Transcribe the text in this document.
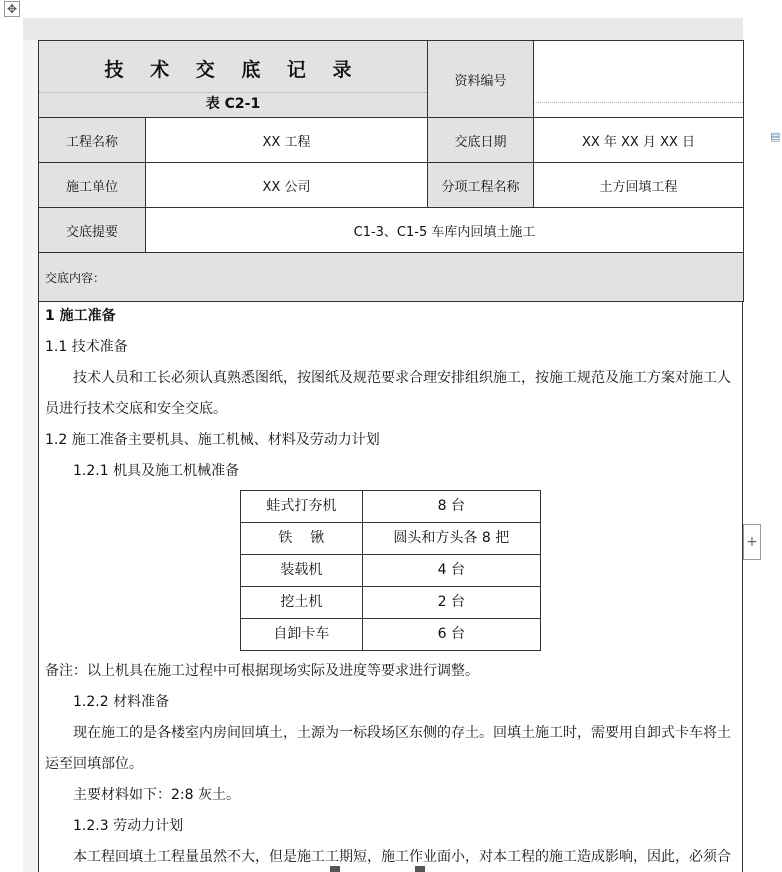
✥
▤
技 术 交 底 记 录
表 C2-1		资料编号	

工程名称	XX 工程	交底日期	XX 年 XX 月 XX 日
施工单位	XX 公司	分项工程名称	土方回填工程
交底提要	C1-3、C1-5 车库内回填土施工		
交底内容：			

1 施工准备

1.1 技术准备

技术人员和工长必须认真熟悉图纸，按图纸及规范要求合理安排组织施工，按施工规范及施工方案对施工人员进行技术交底和安全交底。

1.2 施工准备主要机具、施工机械、材料及劳动力计划

1.2.1 机具及施工机械准备

蛙式打夯机	8 台
铁    锹	圆头和方头各 8 把
装载机	4 台
挖土机	2 台
自卸卡车	6 台

备注：以上机具在施工过程中可根据现场实际及进度等要求进行调整。

1.2.2 材料准备

现在施工的是各楼室内房间回填土，土源为一标段场区东侧的存土。回填土施工时，需要用自卸式卡车将土运至回填部位。

主要材料如下：2:8 灰土。

1.2.3 劳动力计划

本工程回填土工程量虽然不大，但是施工工期短，施工作业面小，对本工程的施工造成影响，因此，必须合

+
